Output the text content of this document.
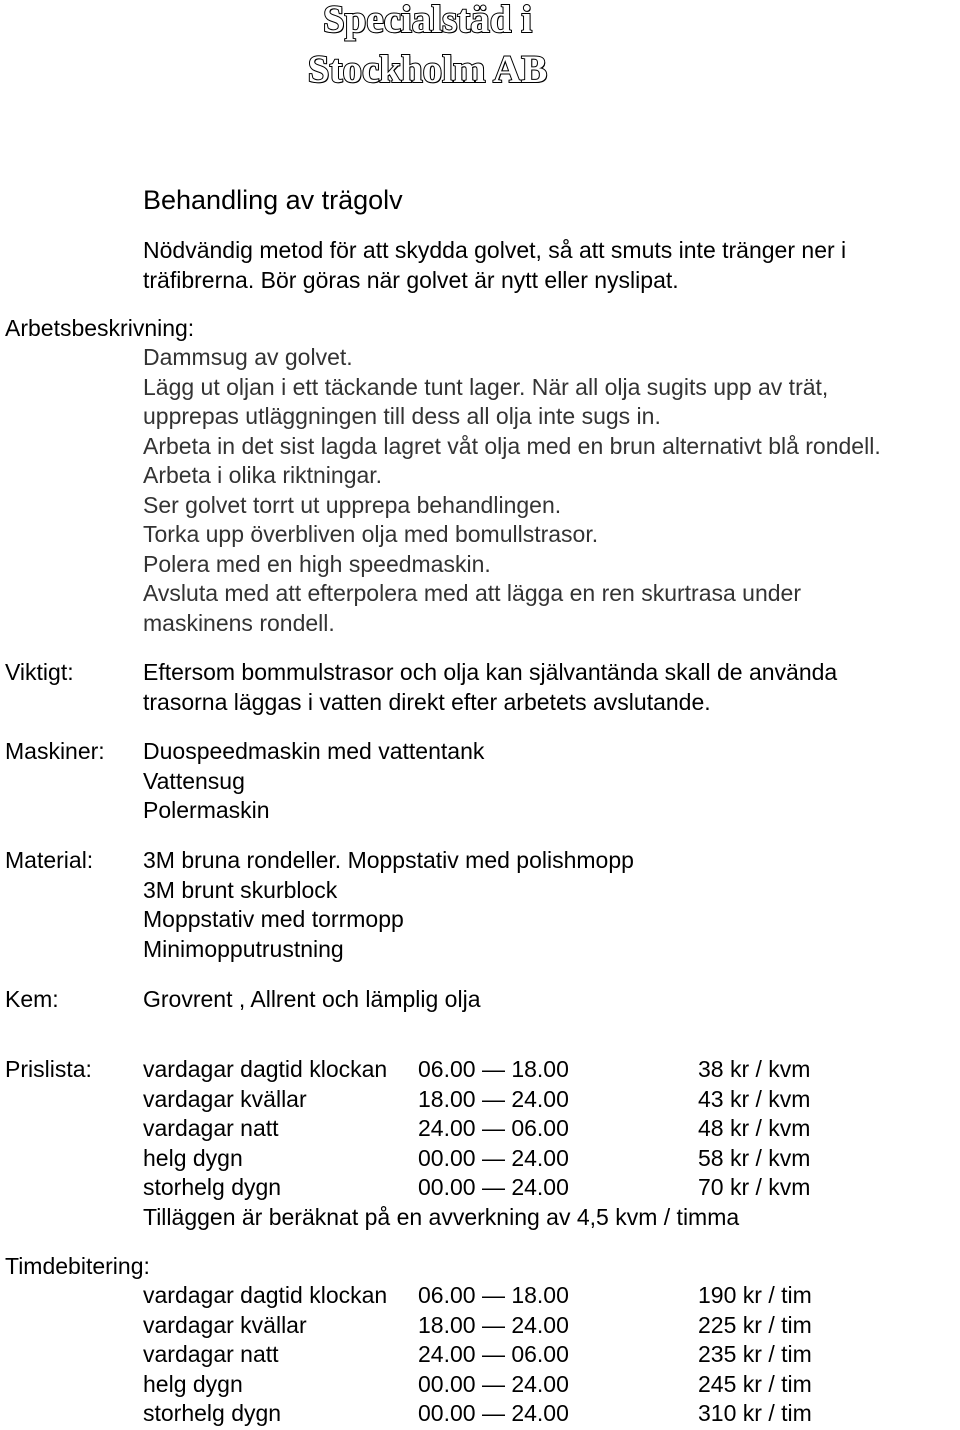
Specialstäd i
Stockholm AB
Behandling av trägolv
Nödvändig metod för att skydda golvet, så att smuts inte tränger ner i
träfibrerna. Bör göras när golvet är nytt eller nyslipat.
Arbetsbeskrivning:
Dammsug av golvet.
Lägg ut oljan i ett täckande tunt lager. När all olja sugits upp av trät,
upprepas utläggningen till dess all olja inte sugs in.
Arbeta in det sist lagda lagret våt olja med en brun alternativt blå rondell.
Arbeta i olika riktningar.
Ser golvet torrt ut upprepa behandlingen.
Torka upp överbliven olja med bomullstrasor.
Polera med en high speedmaskin.
Avsluta med att efterpolera med att lägga en ren skurtrasa under
maskinens rondell.
Viktigt:	Eftersom bommulstrasor och olja kan självantända skall de använda
trasorna läggas i vatten direkt efter arbetets avslutande.
Maskiner: Duospeedmaskin med vattentank
Vattensug
Polermaskin
Material: 3M bruna rondeller. Moppstativ med polishmopp
3M brunt skurblock
Moppstativ med torrmopp
Minimopputrustning
Kem:	Grovrent , Allrent och lämplig olja
Prislista: vardagar dagtid klockan 06.00 — 18.00	38 kr / kvm
vardagar kvällar	18.00 — 24.00	43 kr / kvm
vardagar natt	24.00 — 06.00	48 kr / kvm
helg dygn	00.00 — 24.00	58 kr / kvm
storhelg dygn	00.00 — 24.00	70 kr / kvm
Tilläggen är beräknat på en avverkning av 4,5 kvm / timma
Timdebitering:
vardagar dagtid klockan 06.00 — 18.00	190 kr / tim
vardagar kvällar	18.00 — 24.00	225 kr / tim
vardagar natt	24.00 — 06.00	235 kr / tim
helg dygn	00.00 — 24.00	245 kr / tim
storhelg dygn	00.00 — 24.00	310 kr / tim
